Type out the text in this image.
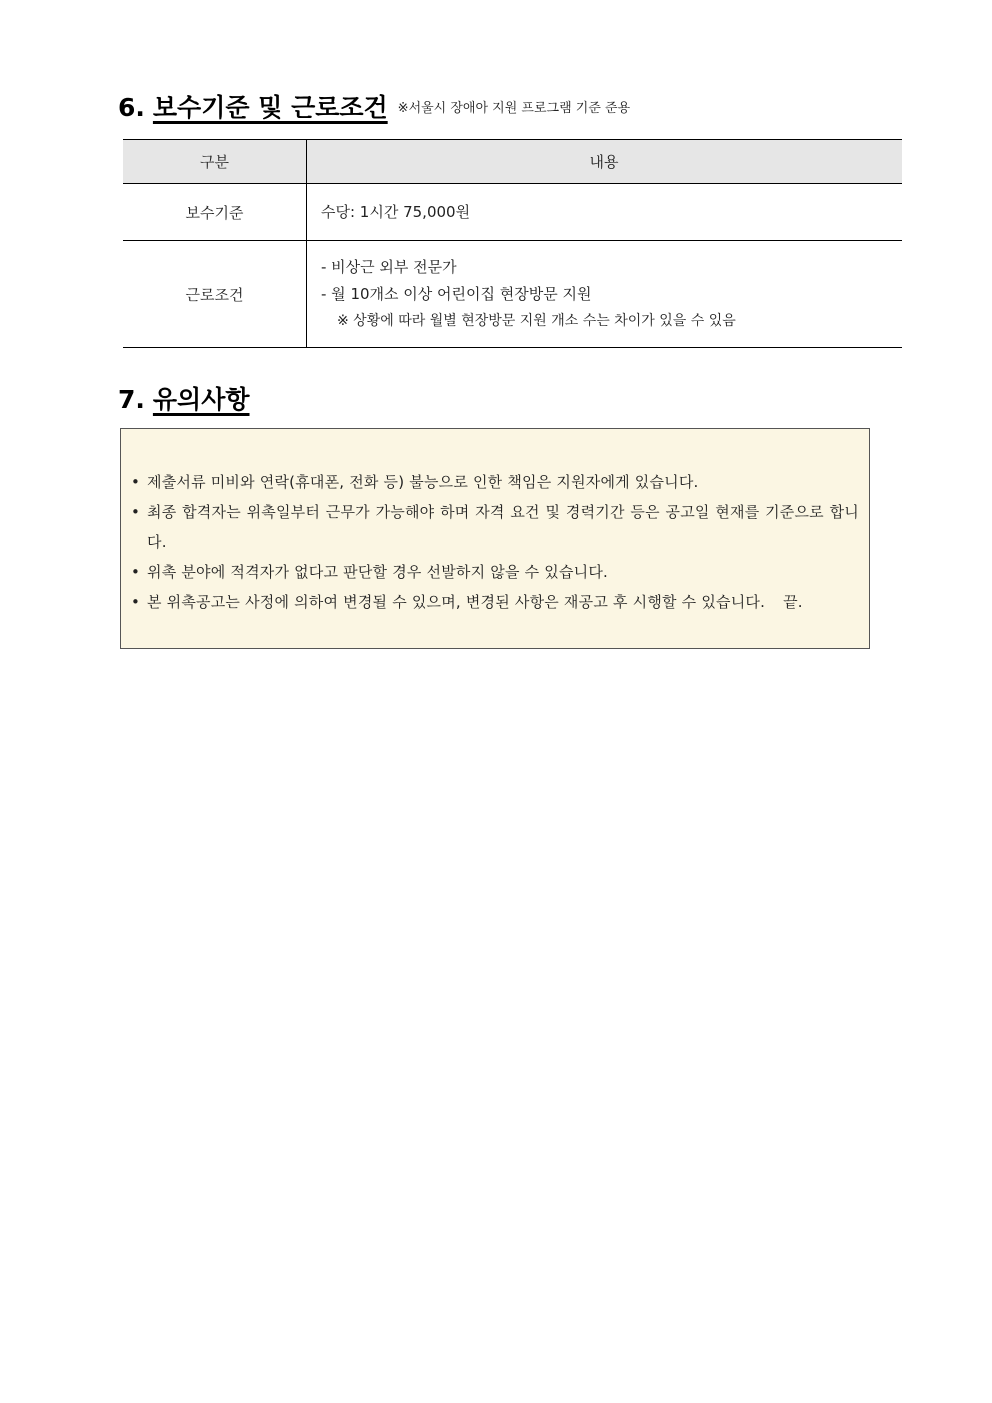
6. 보수기준 및 근로조건 ※서울시 장애아 지원 프로그램 기준 준용
구분	내용
보수기준	수당: 1시간 75,000원

근로조건	- 비상근 외부 전문가
- 월 10개소 이상 어린이집 현장방문 지원
※ 상황에 따라 월별 현장방문 지원 개소 수는 차이가 있을 수 있음
7. 유의사항
• 제출서류 미비와 연락(휴대폰, 전화 등) 불능으로 인한 책임은 지원자에게 있습니다.
• 최종 합격자는 위촉일부터 근무가 가능해야 하며 자격 요건 및 경력기간 등은 공고일 현재를 기준으로 합니다.
• 위촉 분야에 적격자가 없다고 판단할 경우 선발하지 않을 수 있습니다.
• 본 위촉공고는 사정에 의하여 변경될 수 있으며, 변경된 사항은 재공고 후 시행할 수 있습니다. 끝.
